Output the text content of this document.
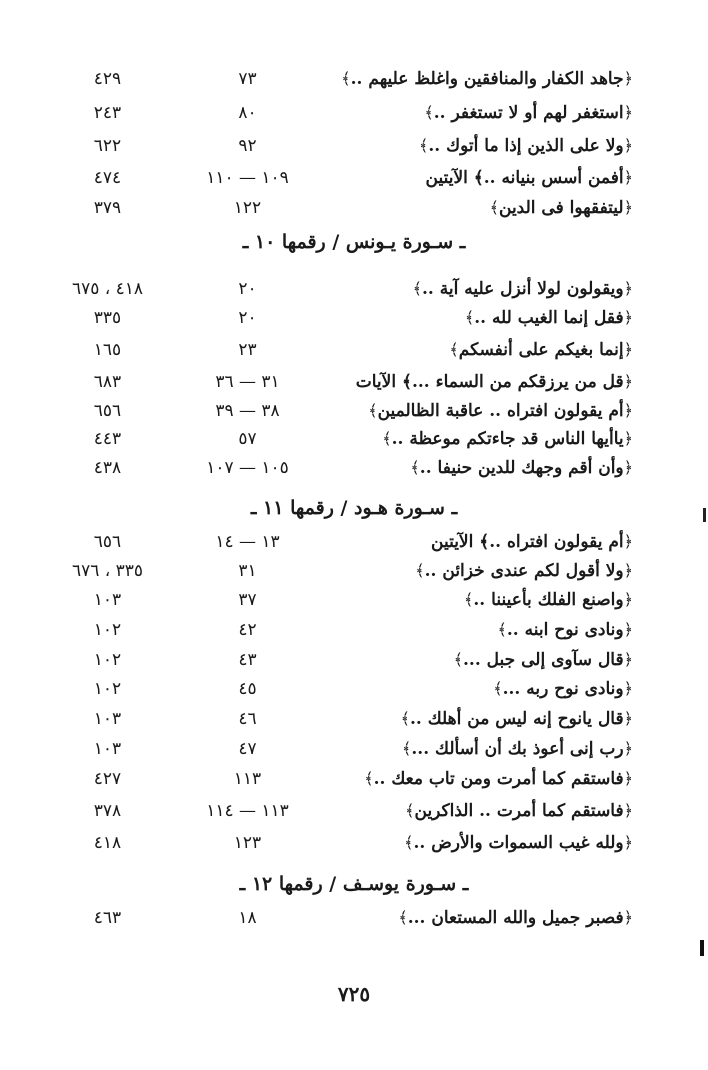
﴿جاهد الكفار والمنافقين واغلظ عليهم ..﴾
٧٣
٤٢٩
﴿استغفر لهم أو لا تستغفر ..﴾
٨٠
٢٤٣
﴿ولا على الذين إذا ما أتوك ..﴾
٩٢
٦٢٢
﴿أفمن أسس بنيانه ..﴾ الآيتين
١٠٩ — ١١٠
٤٧٤
﴿ليتفقهوا فى الدين﴾
١٢٢
٣٧٩
ـ سـورة يـونس / رقمها ١٠ ـ
﴿ويقولون لولا أنزل عليه آية ..﴾
٢٠
٤١٨ ، ٦٧٥
﴿فقل إنما الغيب لله ..﴾
٢٠
٣٣٥
﴿إنما بغيكم على أنفسكم﴾
٢٣
١٦٥
﴿قل من يرزقكم من السماء ...﴾ الآيات
٣١ — ٣٦
٦٨٣
﴿أم يقولون افتراه .. عاقبة الظالمين﴾
٣٨ — ٣٩
٦٥٦
﴿ياأيها الناس قد جاءتكم موعظة ..﴾
٥٧
٤٤٣
﴿وأن أقم وجهك للدين حنيفا ..﴾
١٠٥ — ١٠٧
٤٣٨
ـ سـورة هـود / رقمها ١١ ـ
﴿أم يقولون افتراه ..﴾ الآيتين
١٣ — ١٤
٦٥٦
﴿ولا أقول لكم عندى خزائن ..﴾
٣١
٣٣٥ ، ٦٧٦
﴿واصنع الفلك بأعيننا ..﴾
٣٧
١٠٣
﴿ونادى نوح ابنه ..﴾
٤٢
١٠٢
﴿قال سآوى إلى جبل ...﴾
٤٣
١٠٢
﴿ونادى نوح ربه ...﴾
٤٥
١٠٢
﴿قال يانوح إنه ليس من أهلك ..﴾
٤٦
١٠٣
﴿رب إنى أعوذ بك أن أسألك ...﴾
٤٧
١٠٣
﴿فاستقم كما أمرت ومن تاب معك ..﴾
١١٣
٤٢٧
﴿فاستقم كما أمرت .. الذاكرين﴾
١١٣ — ١١٤
٣٧٨
﴿ولله غيب السموات والأرض ..﴾
١٢٣
٤١٨
ـ سـورة يوسـف / رقمها ١٢ ـ
﴿فصبر جميل والله المستعان ...﴾
١٨
٤٦٣
٧٢٥
